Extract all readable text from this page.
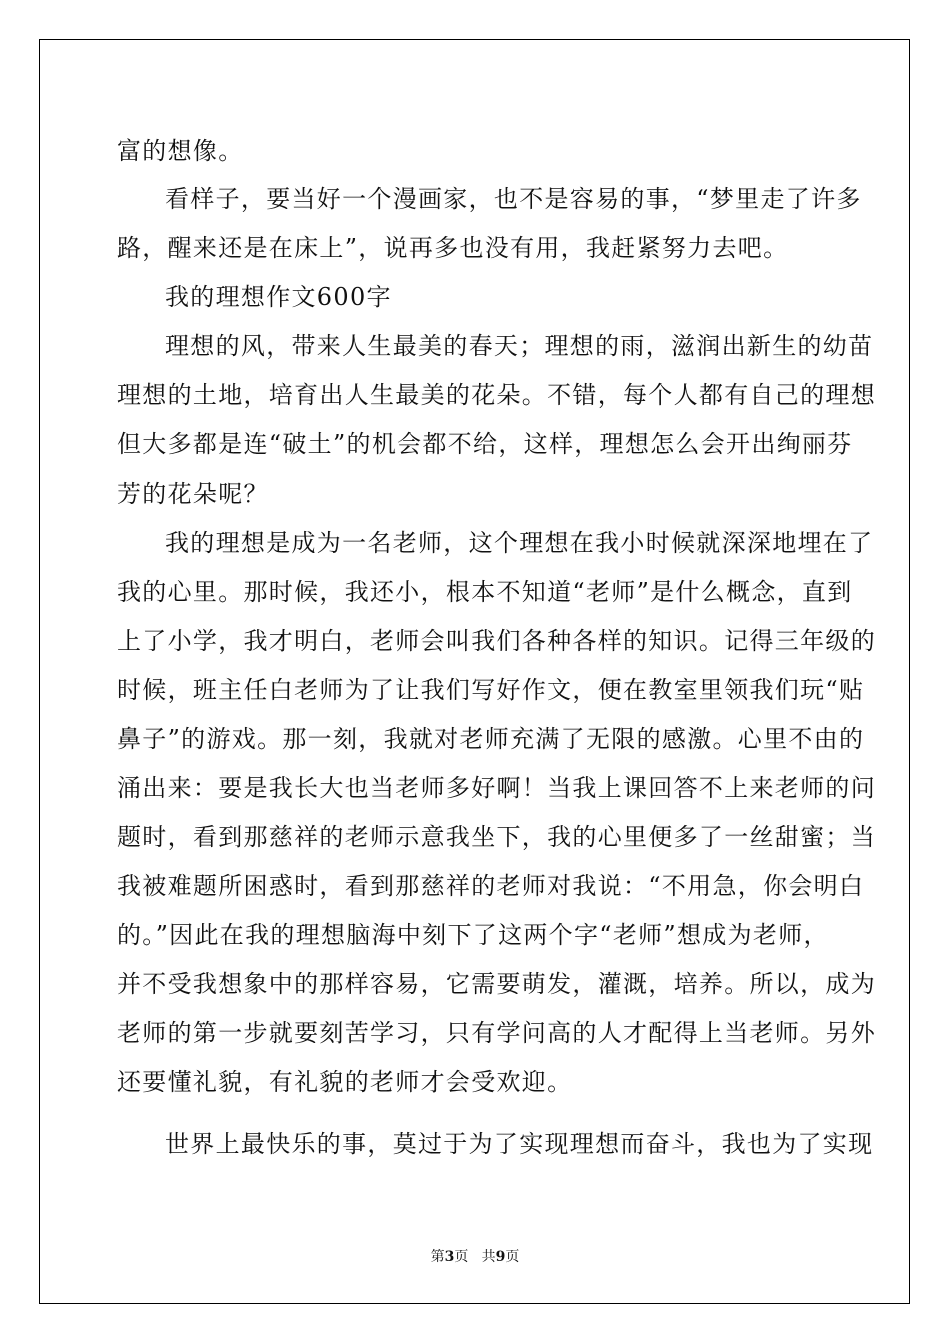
富的想像。
看样子，要当好一个漫画家，也不是容易的事，“梦里走了许多
路，醒来还是在床上”，说再多也没有用，我赶紧努力去吧。
我的理想作文600字
理想的风，带来人生最美的春天；理想的雨，滋润出新生的幼苗
理想的土地，培育出人生最美的花朵。不错，每个人都有自己的理想
但大多都是连“破土”的机会都不给，这样，理想怎么会开出绚丽芬
芳的花朵呢？
我的理想是成为一名老师，这个理想在我小时候就深深地埋在了
我的心里。那时候，我还小，根本不知道“老师”是什么概念，直到
上了小学，我才明白，老师会叫我们各种各样的知识。记得三年级的
时候，班主任白老师为了让我们写好作文，便在教室里领我们玩“贴
鼻子”的游戏。那一刻，我就对老师充满了无限的感激。心里不由的
涌出来：要是我长大也当老师多好啊！当我上课回答不上来老师的问
题时，看到那慈祥的老师示意我坐下，我的心里便多了一丝甜蜜；当
我被难题所困惑时，看到那慈祥的老师对我说：“不用急，你会明白
的。”因此在我的理想脑海中刻下了这两个字“老师”想成为老师，
并不受我想象中的那样容易，它需要萌发，灌溉，培养。所以，成为
老师的第一步就要刻苦学习，只有学问高的人才配得上当老师。另外
还要懂礼貌，有礼貌的老师才会受欢迎。
世界上最快乐的事，莫过于为了实现理想而奋斗，我也为了实现
第3页   共9页
